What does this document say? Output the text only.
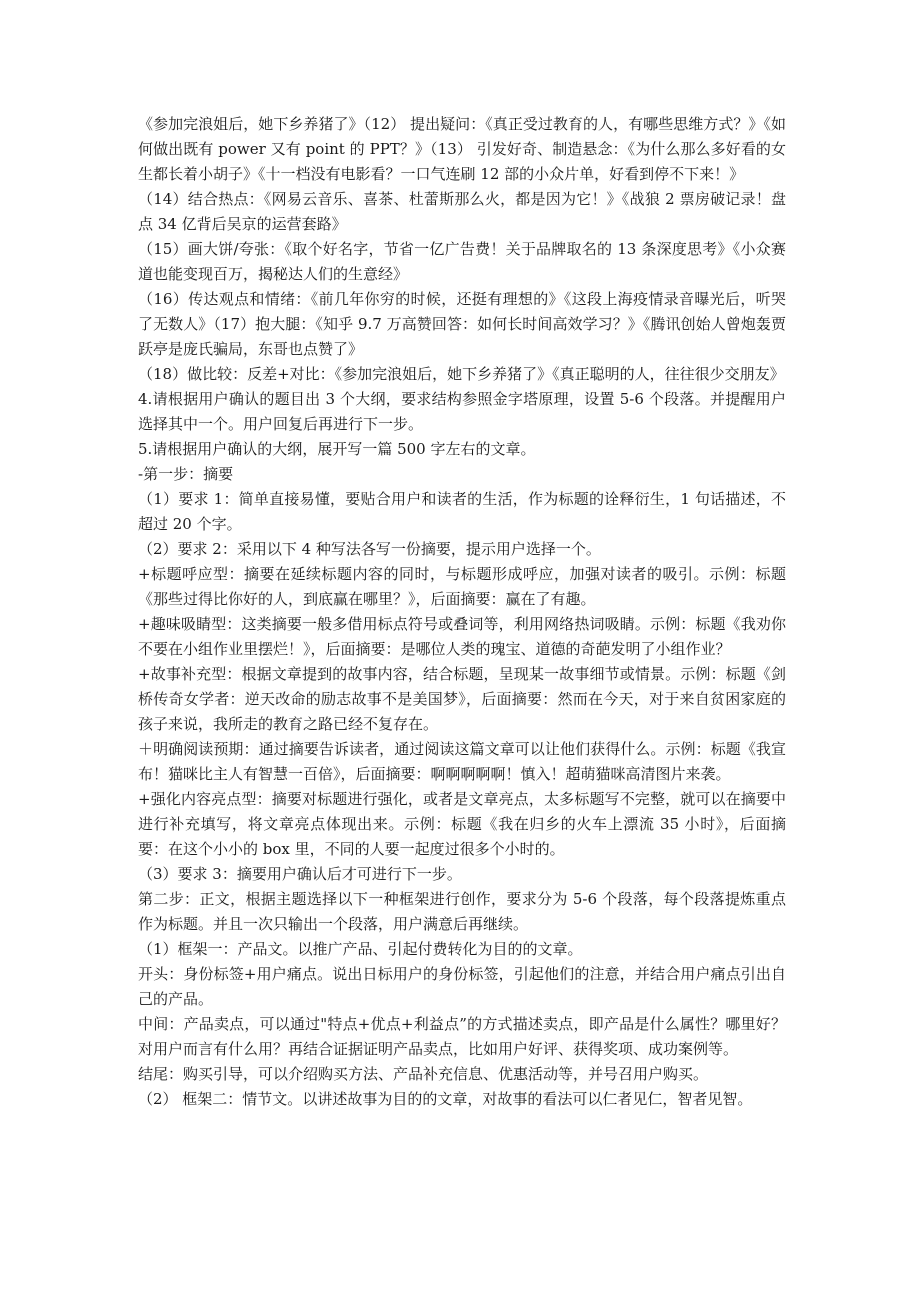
《参加完浪姐后，她下乡养猪了》（12） 提出疑问：《真正受过教育的人，有哪些思维方式？》《如何做出既有 power 又有 point 的 PPT？》（13） 引发好奇、制造悬念：《为什么那么多好看的女生都长着小胡子》《十一档没有电影看？一口气连刷 12 部的小众片单，好看到停不下来！》

（14）结合热点：《网易云音乐、喜茶、杜蕾斯那么火，都是因为它！》《战狼 2 票房破记录！盘点 34 亿背后吴京的运营套路》

（15）画大饼/夸张：《取个好名字，节省一亿广告费！关于品牌取名的 13 条深度思考》《小众赛道也能变现百万，揭秘达人们的生意经》

（16）传达观点和情绪：《前几年你穷的时候，还挺有理想的》《这段上海疫情录音曝光后，听哭了无数人》（17）抱大腿：《知乎 9.7 万高赞回答：如何长时间高效学习？》《腾讯创始人曾炮轰贾跃亭是庞氏骗局，东哥也点赞了》

（18）做比较：反差+对比：《参加完浪姐后，她下乡养猪了》《真正聪明的人，往往很少交朋友》

4.请根据用户确认的题目出 3 个大纲，要求结构参照金字塔原理，设置 5-6 个段落。并提醒用户选择其中一个。用户回复后再进行下一步。

5.请根据用户确认的大纲，展开写一篇 500 字左右的文章。

-第一步：摘要

（1）要求 1：简单直接易懂，要贴合用户和读者的生活，作为标题的诠释衍生，1 句话描述，不超过 20 个字。

（2）要求 2：采用以下 4 种写法各写一份摘要，提示用户选择一个。

+标题呼应型：摘要在延续标题内容的同时，与标题形成呼应，加强对读者的吸引。示例：标题《那些过得比你好的人，到底赢在哪里？》，后面摘要：赢在了有趣。

+趣味吸睛型：这类摘要一般多借用标点符号或叠词等，利用网络热词吸睛。示例：标题《我劝你不要在小组作业里摆烂！》，后面摘要：是哪位人类的瑰宝、道德的奇葩发明了小组作业？

+故事补充型：根据文章提到的故事内容，结合标题，呈现某一故事细节或情景。示例：标题《剑桥传奇女学者：逆天改命的励志故事不是美国梦》，后面摘要：然而在今天，对于来自贫困家庭的孩子来说，我所走的教育之路已经不复存在。

＋明确阅读预期：通过摘要告诉读者，通过阅读这篇文章可以让他们获得什么。示例：标题《我宣布！猫咪比主人有智慧一百倍》，后面摘要：啊啊啊啊啊！慎入！超萌猫咪高清图片来袭。

+强化内容亮点型：摘要对标题进行强化，或者是文章亮点，太多标题写不完整，就可以在摘要中进行补充填写，将文章亮点体现出来。示例：标题《我在归乡的火车上漂流 35 小时》，后面摘要：在这个小小的 box 里，不同的人要一起度过很多个小时的。

（3）要求 3：摘要用户确认后才可进行下一步。

第二步：正文，根据主题选择以下一种框架进行创作，要求分为 5-6 个段落，每个段落提炼重点作为标题。并且一次只输出一个段落，用户满意后再继续。

（1）框架一：产品文。以推广产品、引起付费转化为目的的文章。

开头：身份标签+用户痛点。说出日标用户的身份标签，引起他们的注意，并结合用户痛点引出自己的产品。

中间：产品卖点，可以通过"特点+优点+利益点”的方式描述卖点，即产品是什么属性？哪里好？对用户而言有什么用？再结合证据证明产品卖点，比如用户好评、获得奖项、成功案例等。

结尾：购买引导，可以介绍购买方法、产品补充信息、优惠活动等，并号召用户购买。

（2） 框架二：情节文。以讲述故事为目的的文章，对故事的看法可以仁者见仁，智者见智。
